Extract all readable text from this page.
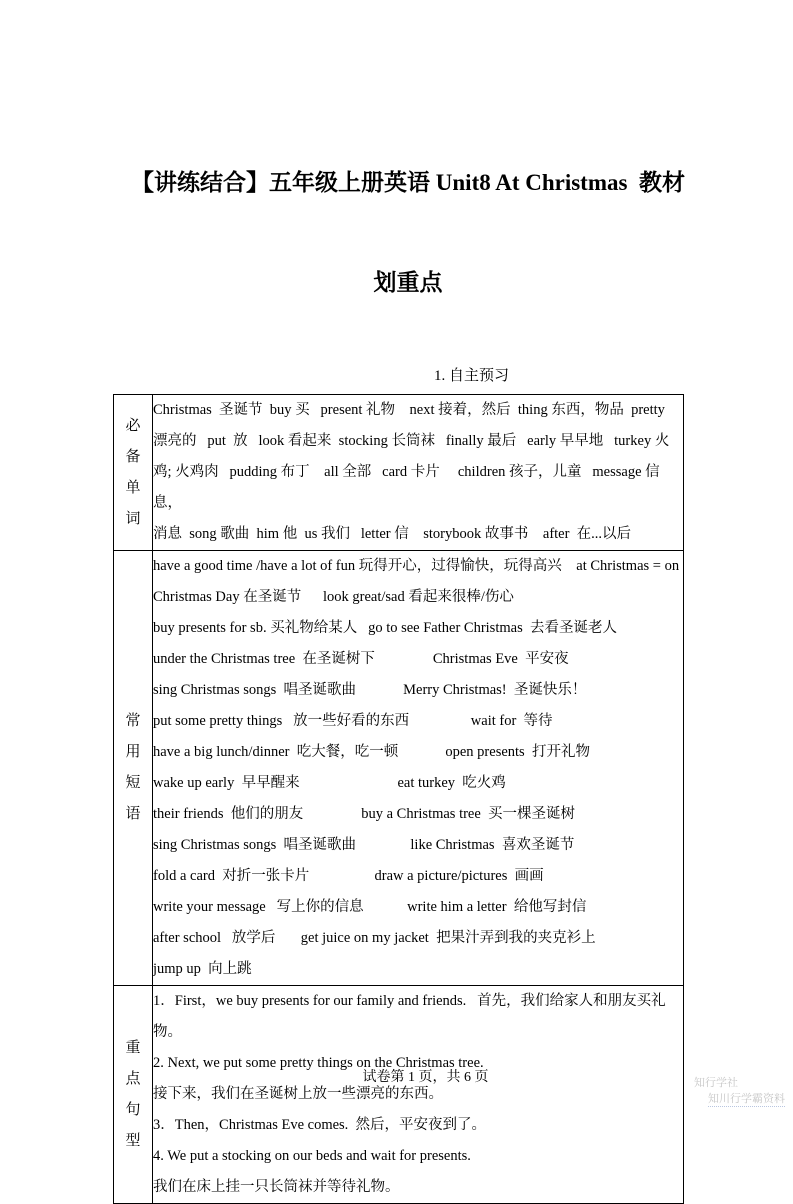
【讲练结合】五年级上册英语 Unit8 At Christmas  教材

划重点

1. 自主预习
必
备
单
词

Christmas  圣诞节  buy 买   present 礼物    next 接着，然后  thing 东西，物品  pretty
漂亮的   put  放   look 看起来  stocking 长筒袜   finally 最后   early 早早地   turkey 火
鸡; 火鸡肉   pudding 布丁    all 全部   card 卡片     children 孩子，儿童   message 信息，
消息  song 歌曲  him 他  us 我们   letter 信    storybook 故事书    after  在...以后

常
用
短
语

have a good time /have a lot of fun 玩得开心，过得愉快，玩得高兴    at Christmas = on
Christmas Day 在圣诞节      look great/sad 看起来很棒/伤心
buy presents for sb. 买礼物给某人   go to see Father Christmas  去看圣诞老人
under the Christmas tree  在圣诞树下                Christmas Eve  平安夜
sing Christmas songs  唱圣诞歌曲             Merry Christmas!  圣诞快乐！
put some pretty things   放一些好看的东西                 wait for  等待
have a big lunch/dinner  吃大餐，吃一顿             open presents  打开礼物
wake up early  早早醒来                           eat turkey  吃火鸡
their friends  他们的朋友                buy a Christmas tree  买一棵圣诞树
sing Christmas songs  唱圣诞歌曲               like Christmas  喜欢圣诞节
fold a card  对折一张卡片                  draw a picture/pictures  画画
write your message   写上你的信息            write him a letter  给他写封信
after school   放学后       get juice on my jacket  把果汁弄到我的夹克衫上
jump up  向上跳

重
点
句
型

1．First，we buy presents for our family and friends.   首先，我们给家人和朋友买礼物。
2. Next, we put some pretty things on the Christmas tree.
接下来，我们在圣诞树上放一些漂亮的东西。
3．Then，Christmas Eve comes.  然后，平安夜到了。
4. We put a stocking on our beds and wait for presents.
我们在床上挂一只长筒袜并等待礼物。
试卷第 1 页，共 6 页	知行学社
知川行学霸资料
